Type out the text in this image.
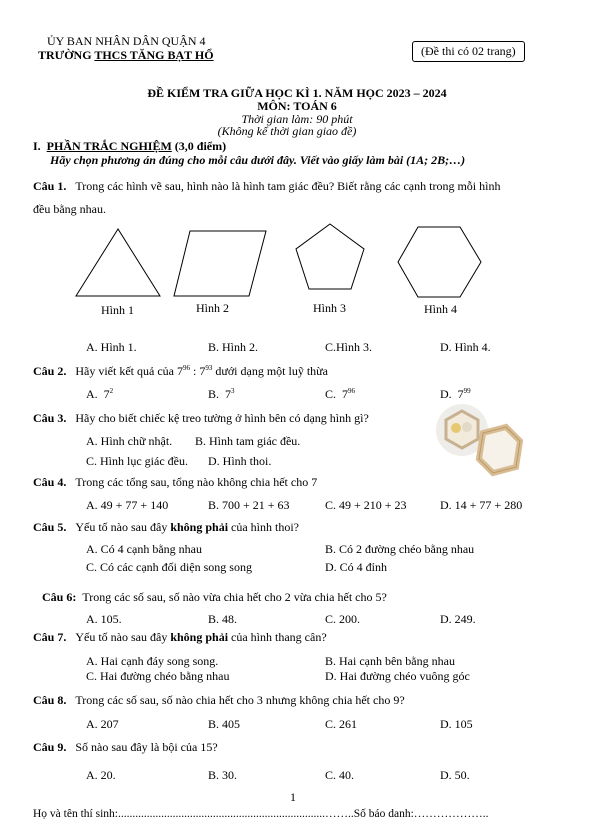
ỦY BAN NHÂN DÂN QUẬN 4
TRƯỜNG THCS TĂNG BẠT HỔ	(Đề thi có 02 trang)
ĐỀ KIỂM TRA GIỮA HỌC KÌ 1. NĂM HỌC 2023 – 2024
MÔN: TOÁN 6
Thời gian làm: 90 phút
(Không kể thời gian giao đề)
I. PHẦN TRẮC NGHIỆM (3,0 điểm)
Hãy chọn phương án đúng cho mỗi câu dưới đây. Viết vào giấy làm bài (1A; 2B;…)
Câu 1. Trong các hình vẽ sau, hình nào là hình tam giác đều? Biết rằng các cạnh trong mỗi hình
đều bằng nhau.
Hình 1	Hình 2	Hình 3	Hình 4
A. Hình 1.	B. Hình 2.	C.Hình 3.	D. Hình 4.
Câu 2. Hãy viết kết quả của $7^{96}$ : $7^{93}$ dưới dạng một luỹ thừa
A. $7^2$	B. $7^3$	C. $7^{96}$	D. $7^{99}$
Câu 3. Hãy cho biết chiếc kệ treo tường ở hình bên có dạng hình gì?
A. Hình chữ nhật. B. Hình tam giác đều.
C. Hình lục giác đều. D. Hình thoi.
Câu 4. Trong các tổng sau, tổng nào không chia hết cho 7
A. 49 + 77 + 140	B. 700 + 21 + 63	C. 49 + 210 + 23	D. 14 + 77 + 280
Câu 5. Yếu tố nào sau đây không phải của hình thoi?
A. Có 4 cạnh bằng nhau	B. Có 2 đường chéo bằng nhau
C. Có các cạnh đối diện song song	D. Có 4 đỉnh
Câu 6: Trong các số sau, số nào vừa chia hết cho 2 vừa chia hết cho 5?
A. 105.	B. 48.	C. 200.	D. 249.
Câu 7. Yếu tố nào sau đây không phải của hình thang cân?
A. Hai cạnh đáy song song.	B. Hai cạnh bên bằng nhau
C. Hai đường chéo bằng nhau	D. Hai đường chéo vuông góc
Câu 8. Trong các số sau, số nào chia hết cho 3 nhưng không chia hết cho 9?
A. 207	B. 405	C. 261	D. 105
Câu 9. Số nào sau đây là bội của 15?
A. 20.	B. 30.	C. 40.	D. 50.
1
Họ và tên thí sinh:........................................................................……..Số báo danh:………………..
